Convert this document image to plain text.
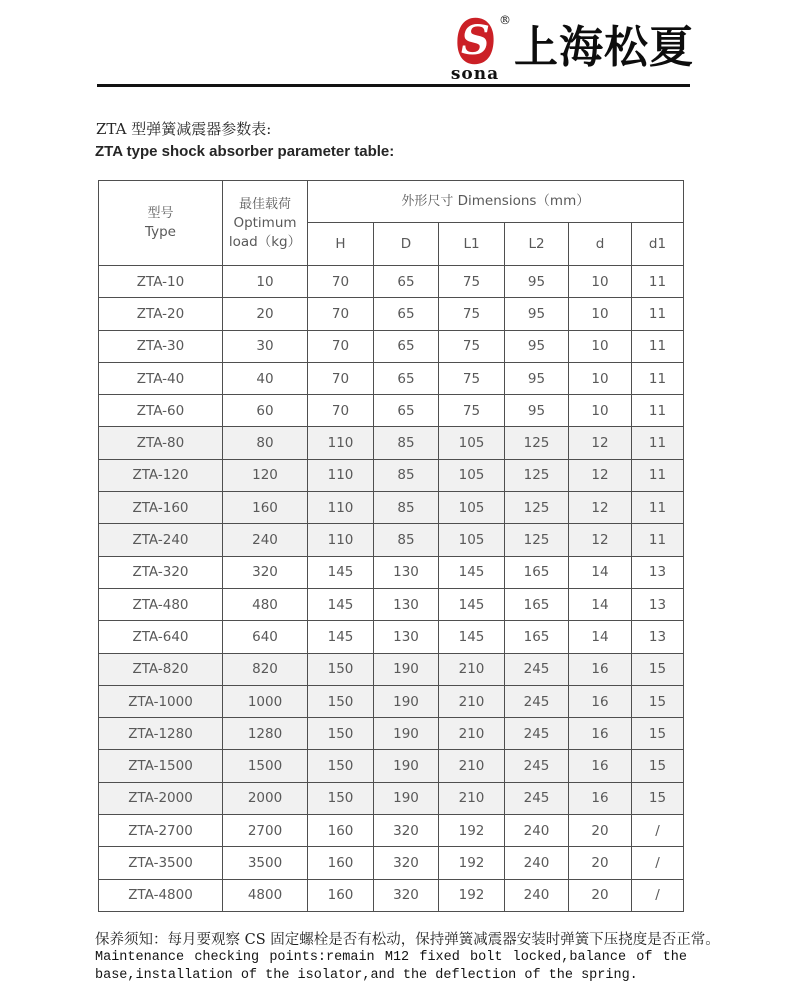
S ®
sona
上海松夏
ZTA 型弹簧减震器参数表:
ZTA type shock absorber parameter table:
型号
Type

最佳载荷
Optimum
load（kg）
	外形尺寸 Dimensions（mm）
		H	D	L1	L2	d	d1
ZTA-10	10	70	65	75	95	10	11
ZTA-20	20	70	65	75	95	10	11
ZTA-30	30	70	65	75	95	10	11
ZTA-40	40	70	65	75	95	10	11
ZTA-60	60	70	65	75	95	10	11
ZTA-80	80	110	85	105	125	12	11
ZTA-120	120	110	85	105	125	12	11
ZTA-160	160	110	85	105	125	12	11
ZTA-240	240	110	85	105	125	12	11
ZTA-320	320	145	130	145	165	14	13
ZTA-480	480	145	130	145	165	14	13
ZTA-640	640	145	130	145	165	14	13
ZTA-820	820	150	190	210	245	16	15
ZTA-1000	1000	150	190	210	245	16	15
ZTA-1280	1280	150	190	210	245	16	15
ZTA-1500	1500	150	190	210	245	16	15
ZTA-2000	2000	150	190	210	245	16	15
ZTA-2700	2700	160	320	192	240	20	/
ZTA-3500	3500	160	320	192	240	20	/
ZTA-4800	4800	160	320	192	240	20	/
保养须知：每月要观察 CS 固定螺栓是否有松动，保持弹簧减震器安装时弹簧下压挠度是否正常。
Maintenance checking points:remain M12 fixed bolt locked,balance of the
base,installation of the isolator,and the deflection of the spring.
